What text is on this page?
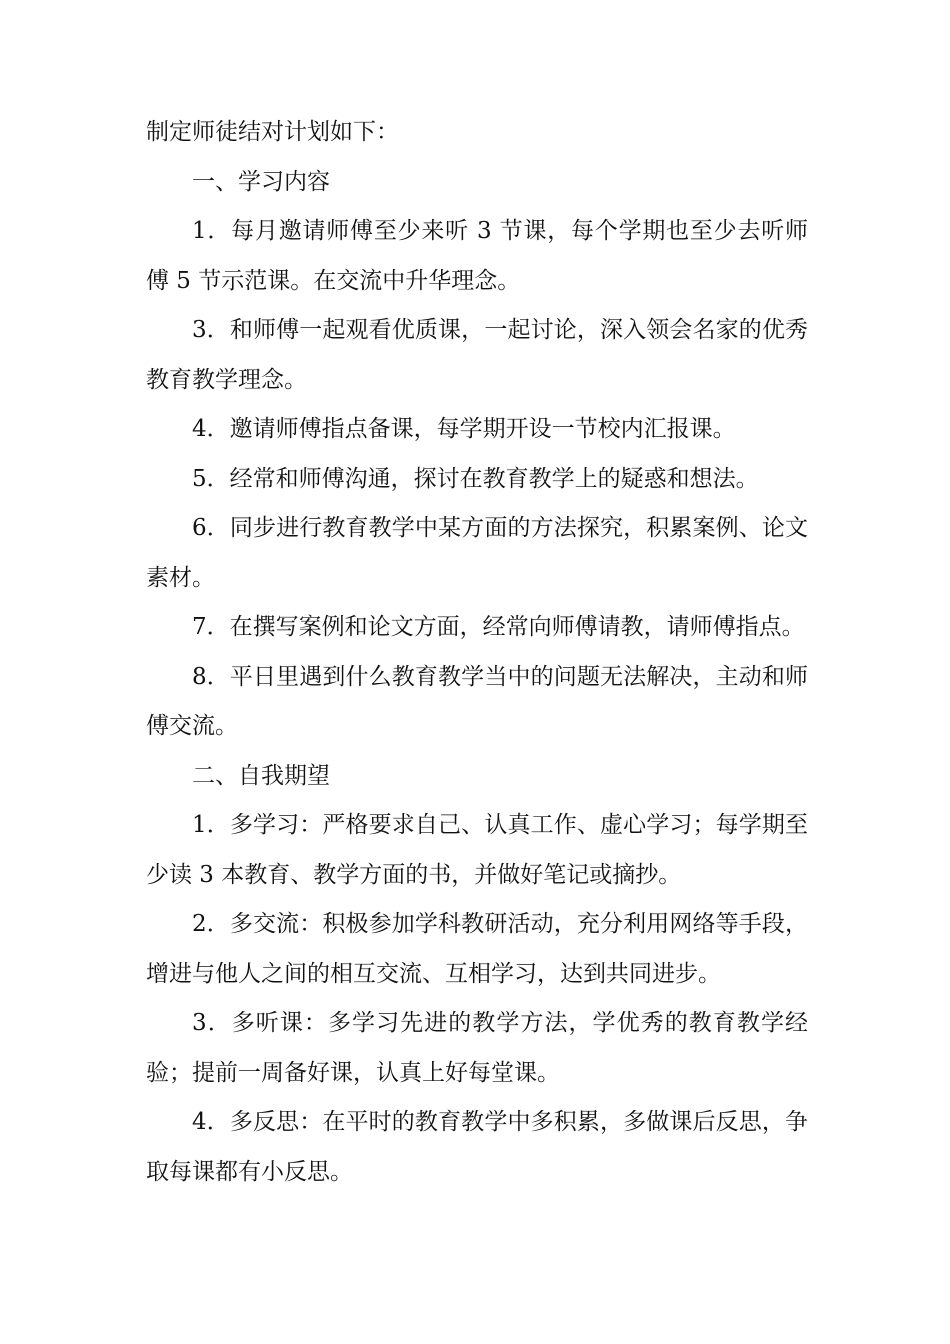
制定师徒结对计划如下：

一、学习内容

1．每月邀请师傅至少来听 3 节课，每个学期也至少去听师傅 5 节示范课。在交流中升华理念。

3．和师傅一起观看优质课，一起讨论，深入领会名家的优秀教育教学理念。

4．邀请师傅指点备课，每学期开设一节校内汇报课。

5．经常和师傅沟通，探讨在教育教学上的疑惑和想法。

6．同步进行教育教学中某方面的方法探究，积累案例、论文素材。

7．在撰写案例和论文方面，经常向师傅请教，请师傅指点。

8．平日里遇到什么教育教学当中的问题无法解决，主动和师傅交流。

二、自我期望

1．多学习：严格要求自己、认真工作、虚心学习；每学期至少读 3 本教育、教学方面的书，并做好笔记或摘抄。

2．多交流：积极参加学科教研活动，充分利用网络等手段，增进与他人之间的相互交流、互相学习，达到共同进步。

3．多听课：多学习先进的教学方法，学优秀的教育教学经验；提前一周备好课，认真上好每堂课。

4．多反思：在平时的教育教学中多积累，多做课后反思，争取每课都有小反思。
